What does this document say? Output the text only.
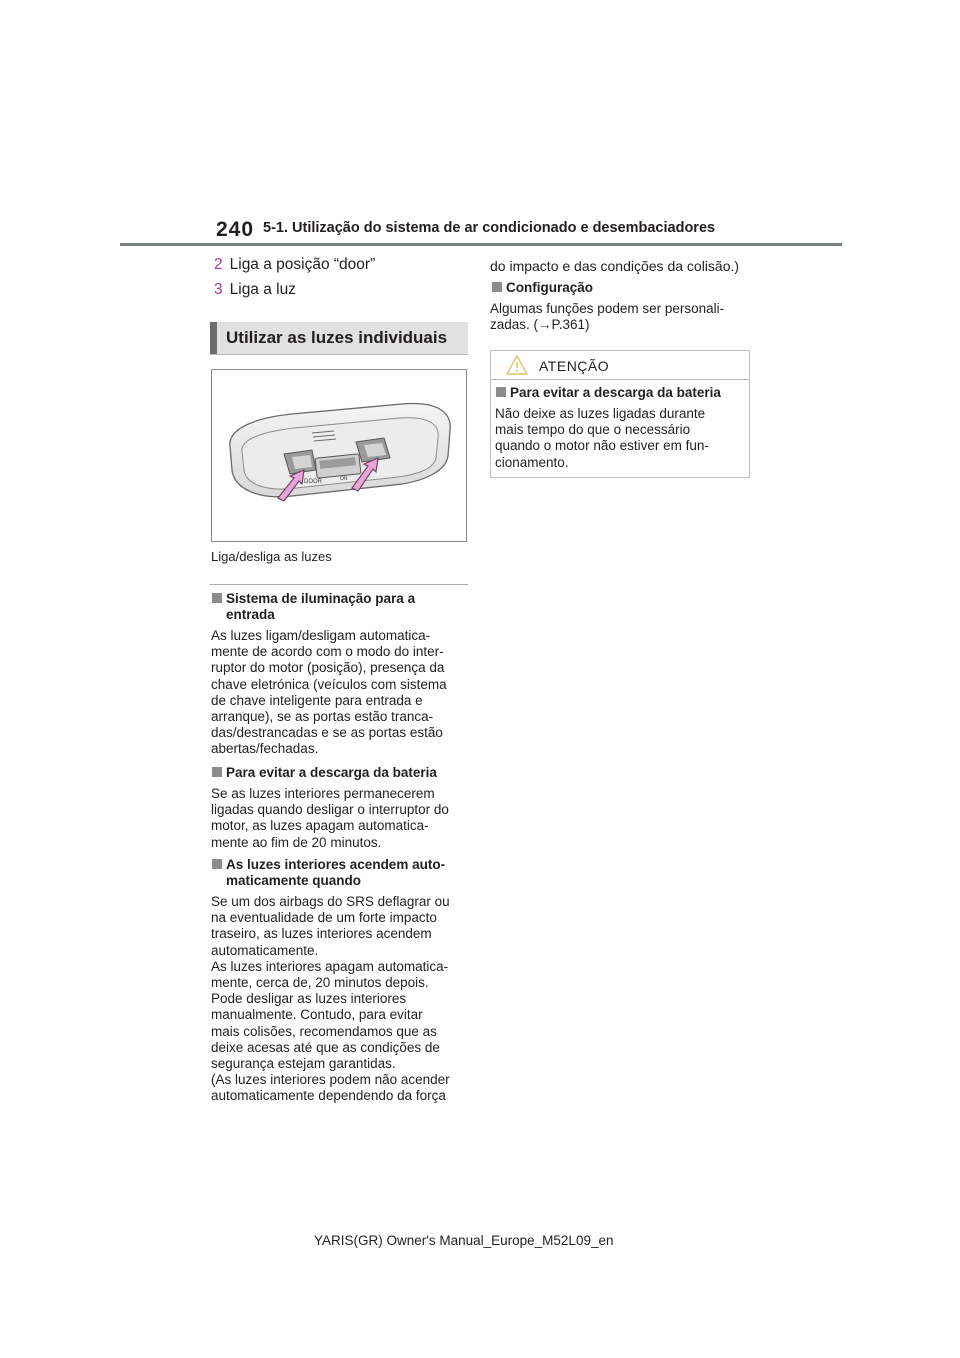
240 5-1. Utilização do sistema de ar condicionado e desembaciadores
2 Liga a posição “door”
3 Liga a luz
Utilizar as luzes individuais
DOOR	ON
Liga/desliga as luzes
Sistema de iluminação para a
entrada
As luzes ligam/desligam automatica-
mente de acordo com o modo do inter-
ruptor do motor (posição), presença da
chave eletrónica (veículos com sistema
de chave inteligente para entrada e
arranque), se as portas estão tranca-
das/destrancadas e se as portas estão
abertas/fechadas.
Para evitar a descarga da bateria
Se as luzes interiores permanecerem
ligadas quando desligar o interruptor do
motor, as luzes apagam automatica-
mente ao fim de 20 minutos.
As luzes interiores acendem auto-
maticamente quando
Se um dos airbags do SRS deflagrar ou
na eventualidade de um forte impacto
traseiro, as luzes interiores acendem
automaticamente.
As luzes interiores apagam automatica-
mente, cerca de, 20 minutos depois.
Pode desligar as luzes interiores
manualmente. Contudo, para evitar
mais colisões, recomendamos que as
deixe acesas até que as condições de
segurança estejam garantidas.
(As luzes interiores podem não acender
automaticamente dependendo da força
do impacto e das condições da colisão.)
Configuração
Algumas funções podem ser personali-
zadas. (→P.361)
ATENÇÃO
Para evitar a descarga da bateria
Não deixe as luzes ligadas durante
mais tempo do que o necessário
quando o motor não estiver em fun-
cionamento.
YARIS(GR) Owner's Manual_Europe_M52L09_en
